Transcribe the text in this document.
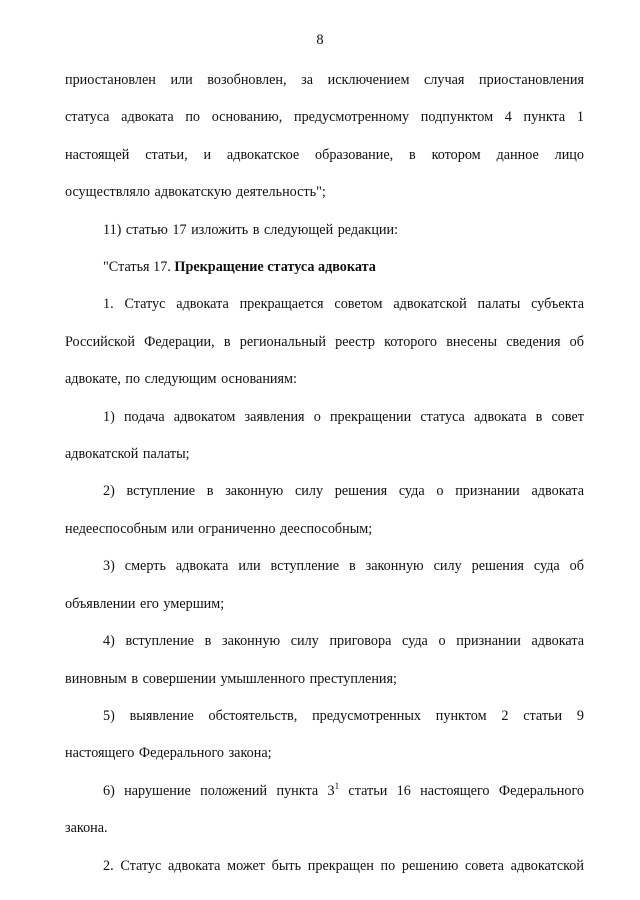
8

приостановлен или возобновлен, за исключением случая приостановления

статуса адвоката по основанию, предусмотренному подпунктом 4 пункта 1

настоящей статьи, и адвокатское образование, в котором данное лицо

осуществляло адвокатскую деятельность";

11) статью 17 изложить в следующей редакции:

"Статья 17. Прекращение статуса адвоката

1. Статус адвоката прекращается советом адвокатской палаты субъекта

Российской Федерации, в региональный реестр которого внесены сведения об

адвокате, по следующим основаниям:

1) подача адвокатом заявления о прекращении статуса адвоката в совет

адвокатской палаты;

2) вступление в законную силу решения суда о признании адвоката

недееспособным или ограниченно дееспособным;

3) смерть адвоката или вступление в законную силу решения суда об

объявлении его умершим;

4) вступление в законную силу приговора суда о признании адвоката

виновным в совершении умышленного преступления;

5) выявление обстоятельств, предусмотренных пунктом 2 статьи 9

настоящего Федерального закона;

6) нарушение положений пункта $3^1$ статьи 16 настоящего Федерального

закона.

2. Статус адвоката может быть прекращен по решению совета адвокатской
